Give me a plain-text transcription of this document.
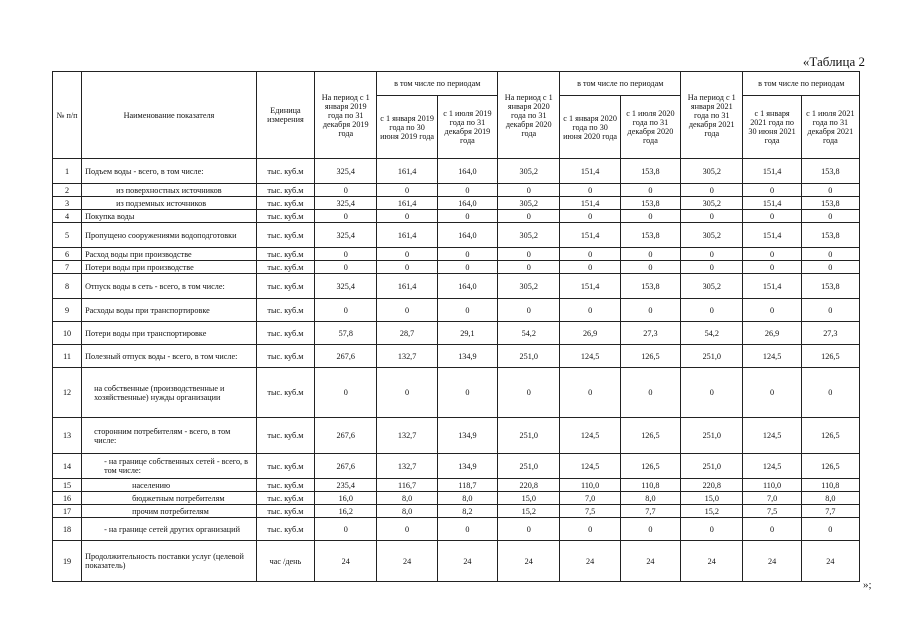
«Таблица 2
№ п/п	Наименование показателя	Единица измерения	На период с 1 января 2019 года по 31 декабря 2019 года	в том числе по периодам		На период с 1 января 2020 года по 31 декабря 2020 года	в том числе по периодам		На период с 1 января 2021 года по 31 декабря 2021 года	в том числе по периодам	
				с 1 января 2019 года по 30 июня 2019 года	с 1 июля 2019 года по 31 декабря 2019 года		с 1 января 2020 года по 30 июня 2020 года	с 1 июля 2020 года по 31 декабря 2020 года		с 1 января 2021 года по 30 июня 2021 года	с 1 июля 2021 года по 31 декабря 2021 года
1	Подъем воды - всего, в том числе:	тыс. куб.м	325,4	161,4	164,0	305,2	151,4	153,8	305,2	151,4	153,8
2	из поверхностных источников	тыс. куб.м	0	0	0	0	0	0	0	0	0
3	из подземных источников	тыс. куб.м	325,4	161,4	164,0	305,2	151,4	153,8	305,2	151,4	153,8
4	Покупка воды	тыс. куб.м	0	0	0	0	0	0	0	0	0
5	Пропущено сооружениями водоподготовки	тыс. куб.м	325,4	161,4	164,0	305,2	151,4	153,8	305,2	151,4	153,8
6	Расход воды при производстве	тыс. куб.м	0	0	0	0	0	0	0	0	0
7	Потери воды при производстве	тыс. куб.м	0	0	0	0	0	0	0	0	0
8	Отпуск воды в сеть - всего, в том числе:	тыс. куб.м	325,4	161,4	164,0	305,2	151,4	153,8	305,2	151,4	153,8
9	Расходы воды при транспортировке	тыс. куб.м	0	0	0	0	0	0	0	0	0
10	Потери воды при транспортировке	тыс. куб.м	57,8	28,7	29,1	54,2	26,9	27,3	54,2	26,9	27,3
11	Полезный отпуск воды - всего, в том числе:	тыс. куб.м	267,6	132,7	134,9	251,0	124,5	126,5	251,0	124,5	126,5
12	на собственные (производственные и хозяйственные) нужды организации	тыс. куб.м	0	0	0	0	0	0	0	0	0
13	сторонним потребителям - всего, в том числе:	тыс. куб.м	267,6	132,7	134,9	251,0	124,5	126,5	251,0	124,5	126,5
14	- на границе собственных сетей - всего, в том числе:	тыс. куб.м	267,6	132,7	134,9	251,0	124,5	126,5	251,0	124,5	126,5
15	населению	тыс. куб.м	235,4	116,7	118,7	220,8	110,0	110,8	220,8	110,0	110,8
16	бюджетным потребителям	тыс. куб.м	16,0	8,0	8,0	15,0	7,0	8,0	15,0	7,0	8,0
17	прочим потребителям	тыс. куб.м	16,2	8,0	8,2	15,2	7,5	7,7	15,2	7,5	7,7
18	- на границе сетей других организаций	тыс. куб.м	0	0	0	0	0	0	0	0	0
19	Продолжительность поставки услуг (целевой показатель)	час /день	24	24	24	24	24	24	24	24	24
»;
